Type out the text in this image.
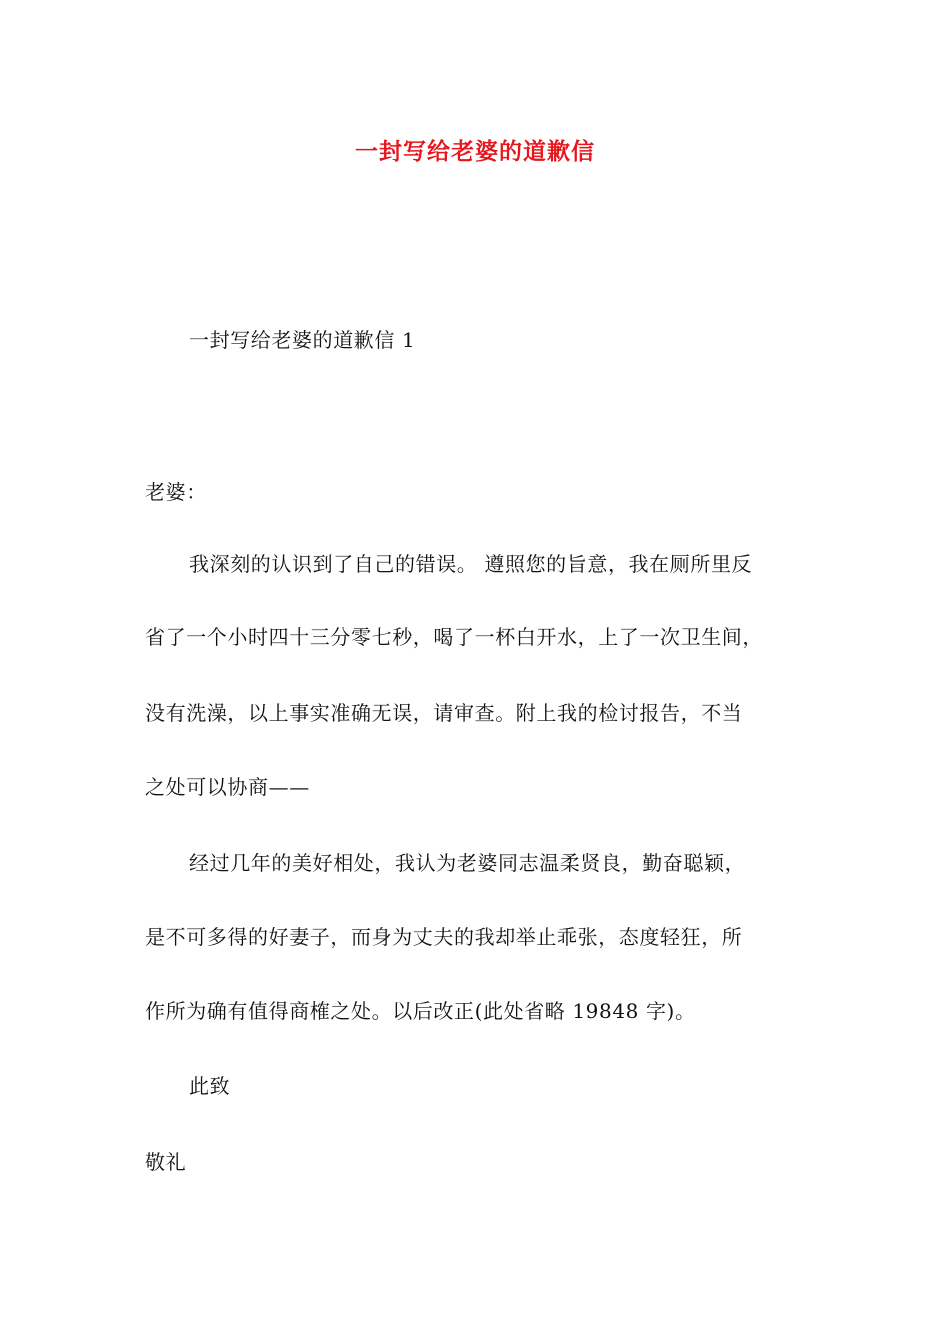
一封写给老婆的道歉信
一封写给老婆的道歉信 1
老婆：
我深刻的认识到了自己的错误。 遵照您的旨意，我在厕所里反
省了一个小时四十三分零七秒，喝了一杯白开水，上了一次卫生间，
没有洗澡，以上事实准确无误，请审查。附上我的检讨报告，不当
之处可以协商——
经过几年的美好相处，我认为老婆同志温柔贤良，勤奋聪颖，
是不可多得的好妻子，而身为丈夫的我却举止乖张，态度轻狂，所
作所为确有值得商榷之处。以后改正(此处省略 19848 字)。
此致
敬礼
